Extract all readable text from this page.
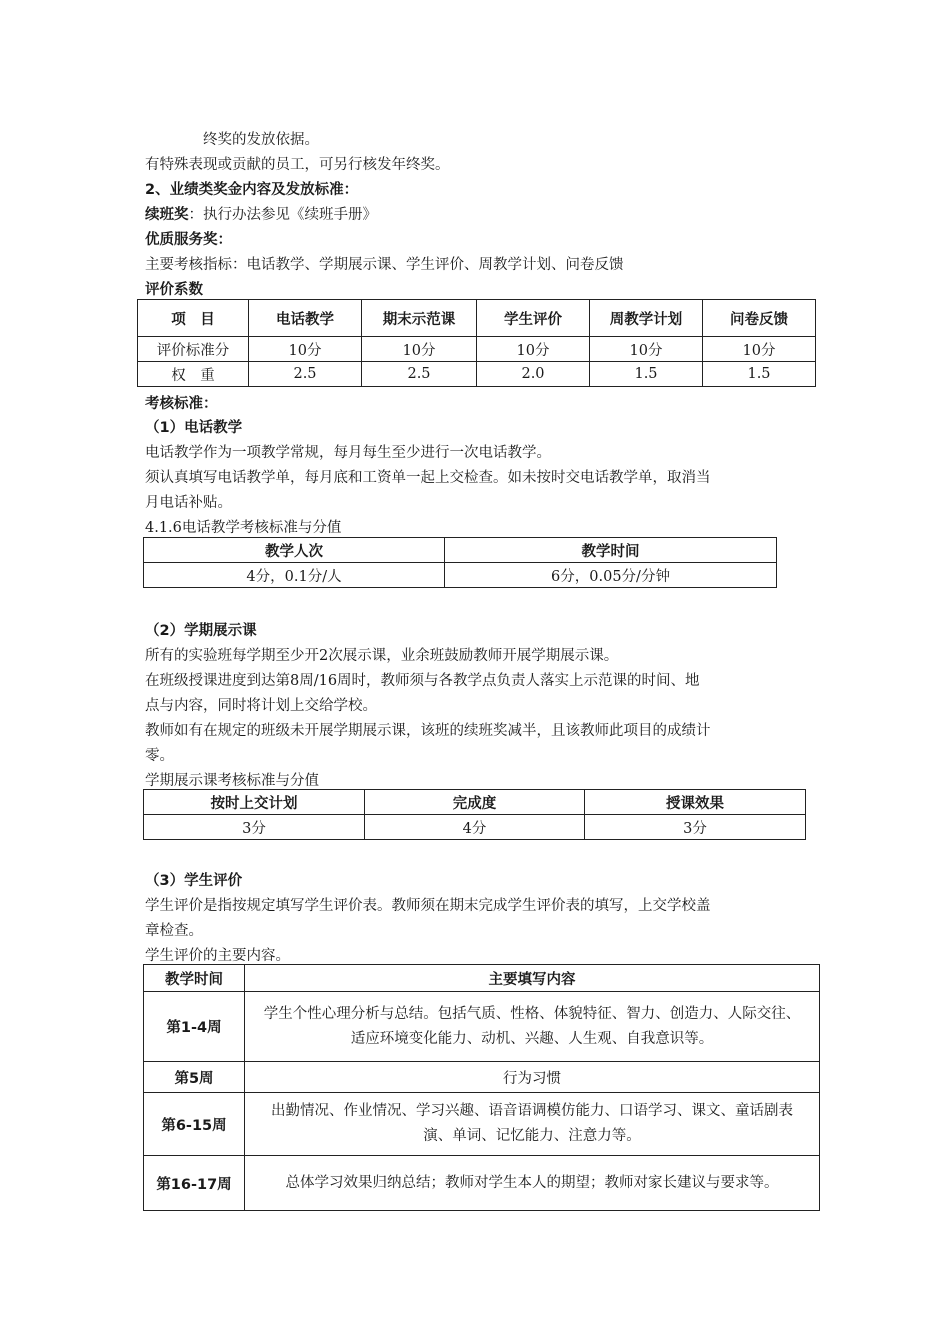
终奖的发放依据。
有特殊表现或贡献的员工，可另行核发年终奖。
2、业绩类奖金内容及发放标准：
续班奖：执行办法参见《续班手册》
优质服务奖：
主要考核指标：电话教学、学期展示课、学生评价、周教学计划、问卷反馈
评价系数
项　目	电话教学	期末示范课	学生评价	周教学计划	问卷反馈
评价标准分	10分	10分	10分	10分	10分
权　重	2.5	2.5	2.0	1.5	1.5
考核标准：
（1）电话教学
电话教学作为一项教学常规，每月每生至少进行一次电话教学。
须认真填写电话教学单，每月底和工资单一起上交检查。如未按时交电话教学单，取消当
月电话补贴。
4.1.6电话教学考核标准与分值
教学人次	教学时间
4分，0.1分/人	6分，0.05分/分钟
（2）学期展示课
所有的实验班每学期至少开2次展示课，业余班鼓励教师开展学期展示课。
在班级授课进度到达第8周/16周时，教师须与各教学点负责人落实上示范课的时间、地
点与内容，同时将计划上交给学校。
教师如有在规定的班级未开展学期展示课，该班的续班奖减半，且该教师此项目的成绩计
零。
学期展示课考核标准与分值
按时上交计划	完成度	授课效果
3分	4分	3分
（3）学生评价
学生评价是指按规定填写学生评价表。教师须在期末完成学生评价表的填写，上交学校盖
章检查。
学生评价的主要内容。
教学时间	主要填写内容
第1-4周	学生个性心理分析与总结。包括气质、性格、体貌特征、智力、创造力、人际交往、适应环境变化能力、动机、兴趣、人生观、自我意识等。
第5周	行为习惯
第6-15周	出勤情况、作业情况、学习兴趣、语音语调模仿能力、口语学习、课文、童话剧表演、单词、记忆能力、注意力等。
第16-17周	总体学习效果归纳总结；教师对学生本人的期望；教师对家长建议与要求等。
